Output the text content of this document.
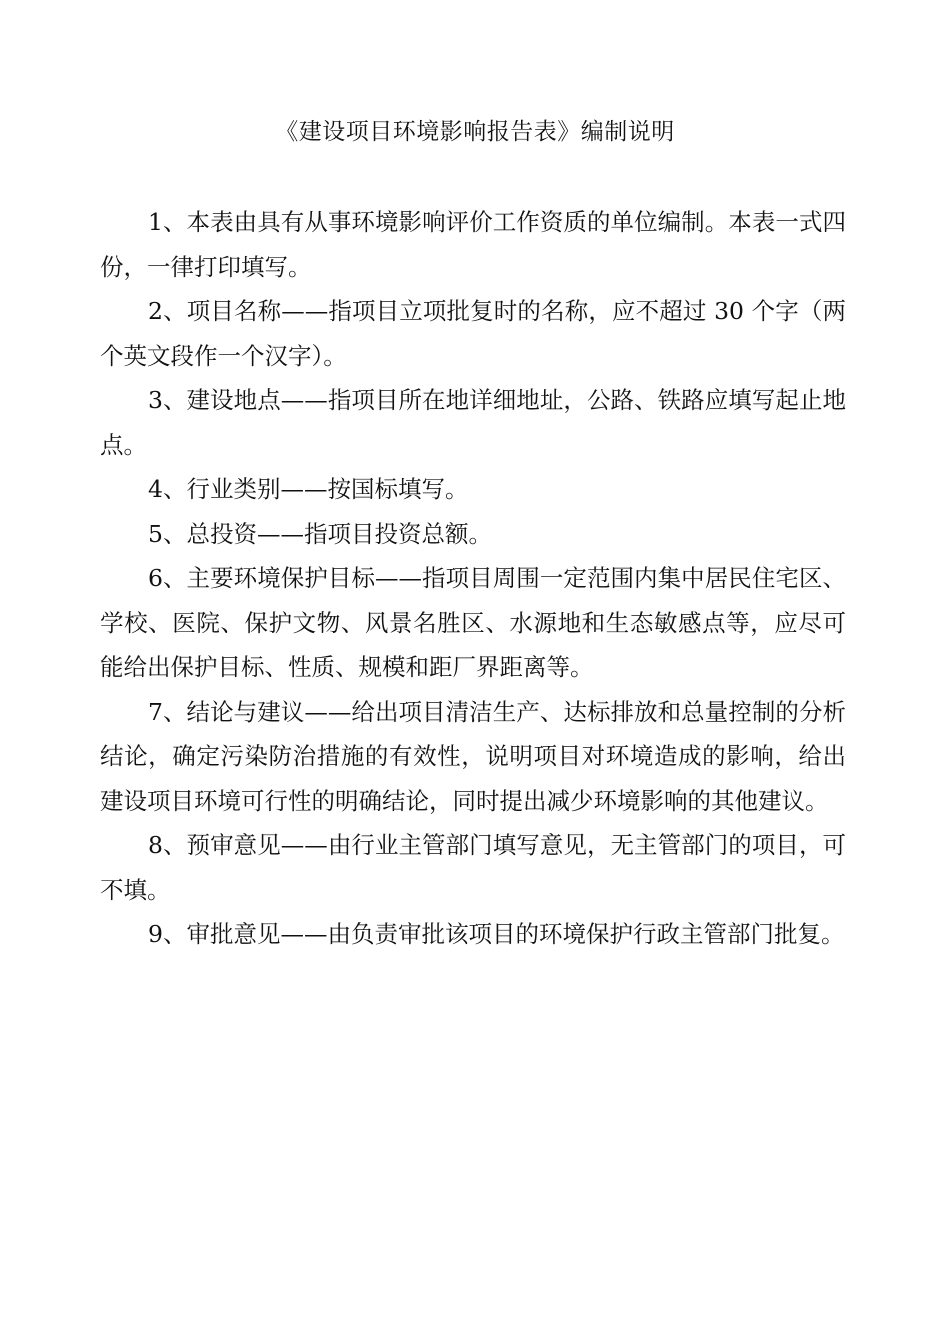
《建设项目环境影响报告表》编制说明

1、本表由具有从事环境影响评价工作资质的单位编制。本表一式四份，一律打印填写。

2、项目名称——指项目立项批复时的名称，应不超过 30 个字（两个英文段作一个汉字）。

3、建设地点——指项目所在地详细地址，公路、铁路应填写起止地点。

4、行业类别——按国标填写。

5、总投资——指项目投资总额。

6、主要环境保护目标——指项目周围一定范围内集中居民住宅区、学校、医院、保护文物、风景名胜区、水源地和生态敏感点等，应尽可能给出保护目标、性质、规模和距厂界距离等。

7、结论与建议——给出项目清洁生产、达标排放和总量控制的分析结论，确定污染防治措施的有效性，说明项目对环境造成的影响，给出建设项目环境可行性的明确结论，同时提出减少环境影响的其他建议。

8、预审意见——由行业主管部门填写意见，无主管部门的项目，可不填。

9、审批意见——由负责审批该项目的环境保护行政主管部门批复。
